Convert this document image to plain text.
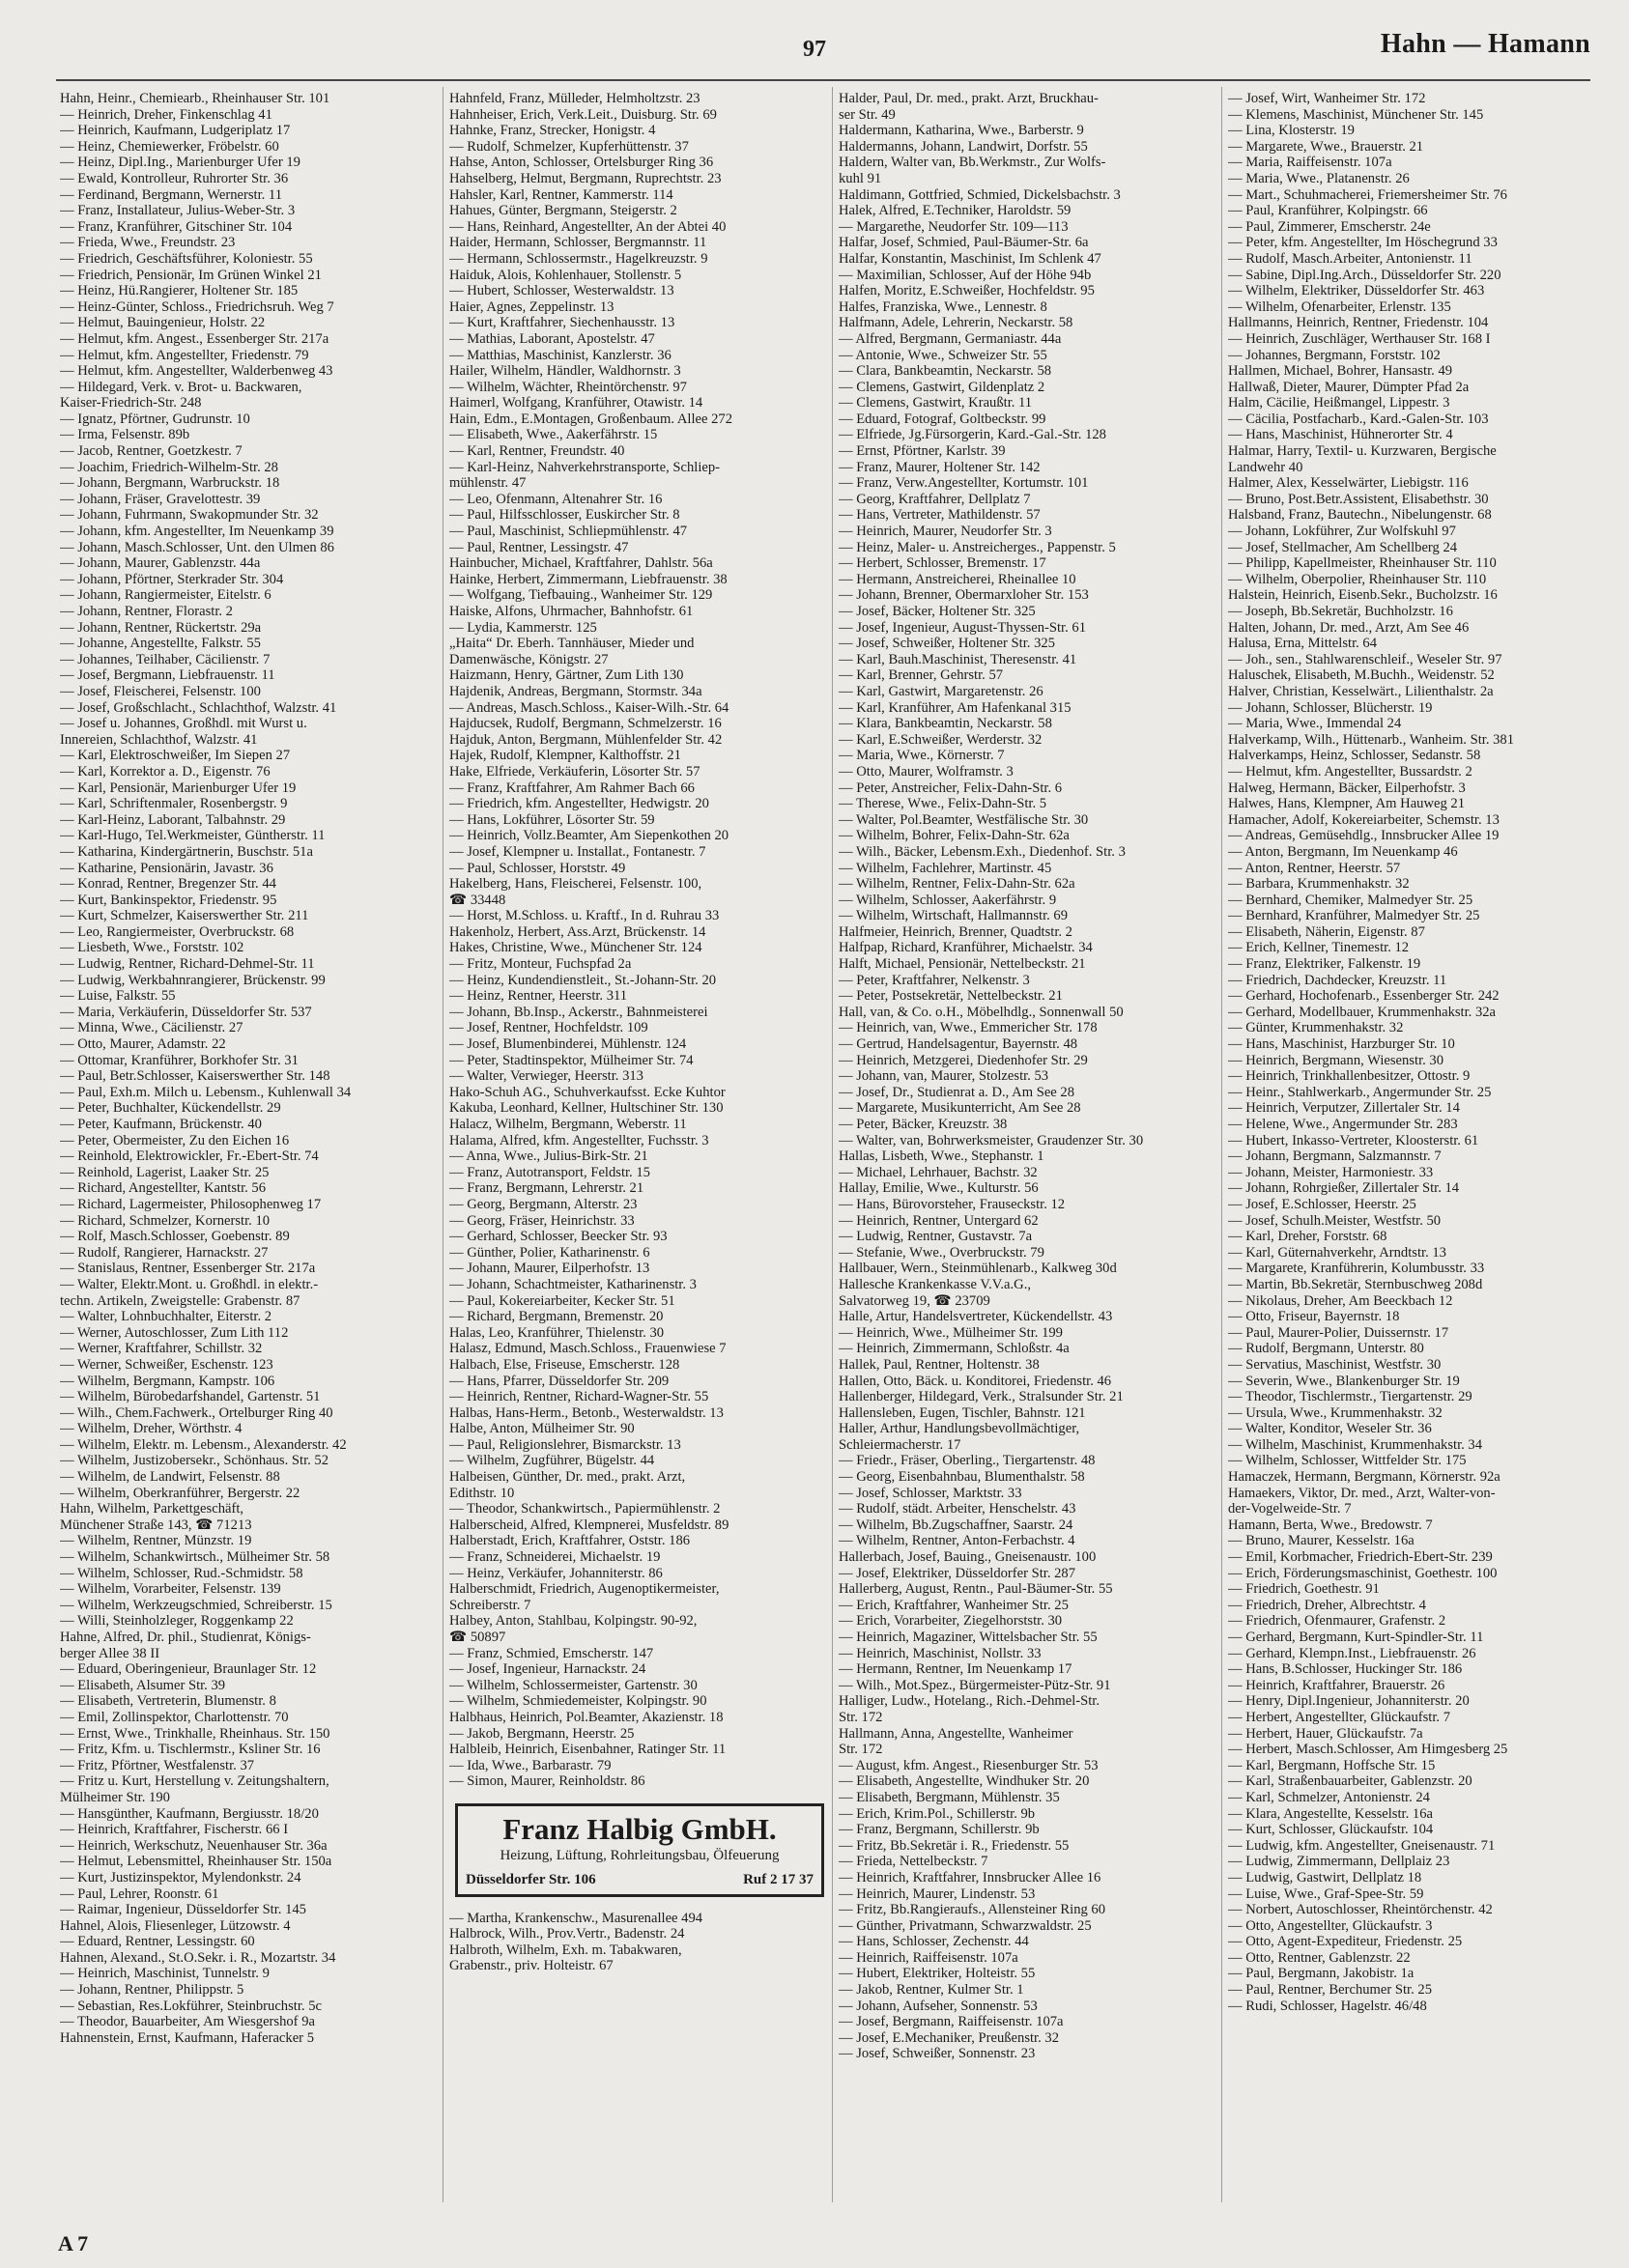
97	Hahn — Hamann
Hahn, Heinr., Chemiearb., Rheinhauser Str. 101
— Heinrich, Dreher, Finkenschlag 41
— Heinrich, Kaufmann, Ludgeriplatz 17
— Heinz, Chemiewerker, Fröbelstr. 60
— Heinz, Dipl.Ing., Marienburger Ufer 19
— Ewald, Kontrolleur, Ruhrorter Str. 36
— Ferdinand, Bergmann, Wernerstr. 11
— Franz, Installateur, Julius-Weber-Str. 3
— Franz, Kranführer, Gitschiner Str. 104
— Frieda, Wwe., Freundstr. 23
— Friedrich, Geschäftsführer, Koloniestr. 55
— Friedrich, Pensionär, Im Grünen Winkel 21
— Heinz, Hü.Rangierer, Holtener Str. 185
— Heinz-Günter, Schloss., Friedrichsruh. Weg 7
— Helmut, Bauingenieur, Holstr. 22
— Helmut, kfm. Angest., Essenberger Str. 217a
— Helmut, kfm. Angestellter, Friedenstr. 79
— Helmut, kfm. Angestellter, Walderbenweg 43
— Hildegard, Verk. v. Brot- u. Backwaren,
Kaiser-Friedrich-Str. 248
— Ignatz, Pförtner, Gudrunstr. 10
— Irma, Felsenstr. 89b
— Jacob, Rentner, Goetzkestr. 7
— Joachim, Friedrich-Wilhelm-Str. 28
— Johann, Bergmann, Warbruckstr. 18
— Johann, Fräser, Gravelottestr. 39
— Johann, Fuhrmann, Swakopmunder Str. 32
— Johann, kfm. Angestellter, Im Neuenkamp 39
— Johann, Masch.Schlosser, Unt. den Ulmen 86
— Johann, Maurer, Gablenzstr. 44a
— Johann, Pförtner, Sterkrader Str. 304
— Johann, Rangiermeister, Eitelstr. 6
— Johann, Rentner, Florastr. 2
— Johann, Rentner, Rückertstr. 29a
— Johanne, Angestellte, Falkstr. 55
— Johannes, Teilhaber, Cäcilienstr. 7
— Josef, Bergmann, Liebfrauenstr. 11
— Josef, Fleischerei, Felsenstr. 100
— Josef, Großschlacht., Schlachthof, Walzstr. 41
— Josef u. Johannes, Großhdl. mit Wurst u.
Innereien, Schlachthof, Walzstr. 41
— Karl, Elektroschweißer, Im Siepen 27
— Karl, Korrektor a. D., Eigenstr. 76
— Karl, Pensionär, Marienburger Ufer 19
— Karl, Schriftenmaler, Rosenbergstr. 9
— Karl-Heinz, Laborant, Talbahnstr. 29
— Karl-Hugo, Tel.Werkmeister, Güntherstr. 11
— Katharina, Kindergärtnerin, Buschstr. 51a
— Katharine, Pensionärin, Javastr. 36
— Konrad, Rentner, Bregenzer Str. 44
— Kurt, Bankinspektor, Friedenstr. 95
— Kurt, Schmelzer, Kaiserswerther Str. 211
— Leo, Rangiermeister, Overbruckstr. 68
— Liesbeth, Wwe., Forststr. 102
— Ludwig, Rentner, Richard-Dehmel-Str. 11
— Ludwig, Werkbahnrangierer, Brückenstr. 99
— Luise, Falkstr. 55
— Maria, Verkäuferin, Düsseldorfer Str. 537
— Minna, Wwe., Cäcilienstr. 27
— Otto, Maurer, Adamstr. 22
— Ottomar, Kranführer, Borkhofer Str. 31
— Paul, Betr.Schlosser, Kaiserswerther Str. 148
— Paul, Exh.m. Milch u. Lebensm., Kuhlenwall 34
— Peter, Buchhalter, Kückendellstr. 29
— Peter, Kaufmann, Brückenstr. 40
— Peter, Obermeister, Zu den Eichen 16
— Reinhold, Elektrowickler, Fr.-Ebert-Str. 74
— Reinhold, Lagerist, Laaker Str. 25
— Richard, Angestellter, Kantstr. 56
— Richard, Lagermeister, Philosophenweg 17
— Richard, Schmelzer, Kornerstr. 10
— Rolf, Masch.Schlosser, Goebenstr. 89
— Rudolf, Rangierer, Harnackstr. 27
— Stanislaus, Rentner, Essenberger Str. 217a
— Walter, Elektr.Mont. u. Großhdl. in elektr.-
techn. Artikeln, Zweigstelle: Grabenstr. 87
— Walter, Lohnbuchhalter, Eiterstr. 2
— Werner, Autoschlosser, Zum Lith 112
— Werner, Kraftfahrer, Schillstr. 32
— Werner, Schweißer, Eschenstr. 123
— Wilhelm, Bergmann, Kampstr. 106
— Wilhelm, Bürobedarfshandel, Gartenstr. 51
— Wilh., Chem.Fachwerk., Ortelburger Ring 40
— Wilhelm, Dreher, Wörthstr. 4
— Wilhelm, Elektr. m. Lebensm., Alexanderstr. 42
— Wilhelm, Justizobersekr., Schönhaus. Str. 52
— Wilhelm, de Landwirt, Felsenstr. 88
— Wilhelm, Oberkranführer, Bergerstr. 22
Hahn, Wilhelm, Parkettgeschäft,
Münchener Straße 143, ☎ 71213
— Wilhelm, Rentner, Münzstr. 19
— Wilhelm, Schankwirtsch., Mülheimer Str. 58
— Wilhelm, Schlosser, Rud.-Schmidstr. 58
— Wilhelm, Vorarbeiter, Felsenstr. 139
— Wilhelm, Werkzeugschmied, Schreiberstr. 15
— Willi, Steinholzleger, Roggenkamp 22
Hahne, Alfred, Dr. phil., Studienrat, Königs-
berger Allee 38 II
— Eduard, Oberingenieur, Braunlager Str. 12
— Elisabeth, Alsumer Str. 39
— Elisabeth, Vertreterin, Blumenstr. 8
— Emil, Zollinspektor, Charlottenstr. 70
— Ernst, Wwe., Trinkhalle, Rheinhaus. Str. 150
— Fritz, Kfm. u. Tischlermstr., Ksliner Str. 16
— Fritz, Pförtner, Westfalenstr. 37
— Fritz u. Kurt, Herstellung v. Zeitungshaltern,
Mülheimer Str. 190
— Hansgünther, Kaufmann, Bergiusstr. 18/20
— Heinrich, Kraftfahrer, Fischerstr. 66 I
— Heinrich, Werkschutz, Neuenhauser Str. 36a
— Helmut, Lebensmittel, Rheinhauser Str. 150a
— Kurt, Justizinspektor, Mylendonkstr. 24
— Paul, Lehrer, Roonstr. 61
— Raimar, Ingenieur, Düsseldorfer Str. 145
Hahnel, Alois, Fliesenleger, Lützowstr. 4
— Eduard, Rentner, Lessingstr. 60
Hahnen, Alexand., St.O.Sekr. i. R., Mozartstr. 34
— Heinrich, Maschinist, Tunnelstr. 9
— Johann, Rentner, Philippstr. 5
— Sebastian, Res.Lokführer, Steinbruchstr. 5c
— Theodor, Bauarbeiter, Am Wiesgershof 9a
Hahnenstein, Ernst, Kaufmann, Haferacker 5
Hahnfeld, Franz, Mülleder, Helmholtzstr. 23
Hahnheiser, Erich, Verk.Leit., Duisburg. Str. 69
Hahnke, Franz, Strecker, Honigstr. 4
— Rudolf, Schmelzer, Kupferhüttenstr. 37
Hahse, Anton, Schlosser, Ortelsburger Ring 36
Hahselberg, Helmut, Bergmann, Ruprechtstr. 23
Hahsler, Karl, Rentner, Kammerstr. 114
Hahues, Günter, Bergmann, Steigerstr. 2
— Hans, Reinhard, Angestellter, An der Abtei 40
Haider, Hermann, Schlosser, Bergmannstr. 11
— Hermann, Schlossermstr., Hagelkreuzstr. 9
Haiduk, Alois, Kohlenhauer, Stollenstr. 5
— Hubert, Schlosser, Westerwaldstr. 13
Haier, Agnes, Zeppelinstr. 13
— Kurt, Kraftfahrer, Siechenhausstr. 13
— Mathias, Laborant, Apostelstr. 47
— Matthias, Maschinist, Kanzlerstr. 36
Hailer, Wilhelm, Händler, Waldhornstr. 3
— Wilhelm, Wächter, Rheintörchenstr. 97
Haimerl, Wolfgang, Kranführer, Otawistr. 14
Hain, Edm., E.Montagen, Großenbaum. Allee 272
— Elisabeth, Wwe., Aakerfährstr. 15
— Karl, Rentner, Freundstr. 40
— Karl-Heinz, Nahverkehrstransporte, Schliep-
mühlenstr. 47
— Leo, Ofenmann, Altenahrer Str. 16
— Paul, Hilfsschlosser, Euskircher Str. 8
— Paul, Maschinist, Schliepmühlenstr. 47
— Paul, Rentner, Lessingstr. 47
Hainbucher, Michael, Kraftfahrer, Dahlstr. 56a
Hainke, Herbert, Zimmermann, Liebfrauenstr. 38
— Wolfgang, Tiefbauing., Wanheimer Str. 129
Haiske, Alfons, Uhrmacher, Bahnhofstr. 61
— Lydia, Kammerstr. 125
„Haita“ Dr. Eberh. Tannhäuser, Mieder und
Damenwäsche, Königstr. 27
Haizmann, Henry, Gärtner, Zum Lith 130
Hajdenik, Andreas, Bergmann, Stormstr. 34a
— Andreas, Masch.Schloss., Kaiser-Wilh.-Str. 64
Hajducsek, Rudolf, Bergmann, Schmelzerstr. 16
Hajduk, Anton, Bergmann, Mühlenfelder Str. 42
Hajek, Rudolf, Klempner, Kalthoffstr. 21
Hake, Elfriede, Verkäuferin, Lösorter Str. 57
— Franz, Kraftfahrer, Am Rahmer Bach 66
— Friedrich, kfm. Angestellter, Hedwigstr. 20
— Hans, Lokführer, Lösorter Str. 59
— Heinrich, Vollz.Beamter, Am Siepenkothen 20
— Josef, Klempner u. Installat., Fontanestr. 7
— Paul, Schlosser, Horststr. 49
Hakelberg, Hans, Fleischerei, Felsenstr. 100,
☎ 33448
— Horst, M.Schloss. u. Kraftf., In d. Ruhrau 33
Hakenholz, Herbert, Ass.Arzt, Brückenstr. 14
Hakes, Christine, Wwe., Münchener Str. 124
— Fritz, Monteur, Fuchspfad 2a
— Heinz, Kundendienstleit., St.-Johann-Str. 20
— Heinz, Rentner, Heerstr. 311
— Johann, Bb.Insp., Ackerstr., Bahnmeisterei
— Josef, Rentner, Hochfeldstr. 109
— Josef, Blumenbinderei, Mühlenstr. 124
— Peter, Stadtinspektor, Mülheimer Str. 74
— Walter, Verwieger, Heerstr. 313
Hako-Schuh AG., Schuhverkaufsst. Ecke Kuhtor
Kakuba, Leonhard, Kellner, Hultschiner Str. 130
Halacz, Wilhelm, Bergmann, Weberstr. 11
Halama, Alfred, kfm. Angestellter, Fuchsstr. 3
— Anna, Wwe., Julius-Birk-Str. 21
— Franz, Autotransport, Feldstr. 15
— Franz, Bergmann, Lehrerstr. 21
— Georg, Bergmann, Alterstr. 23
— Georg, Fräser, Heinrichstr. 33
— Gerhard, Schlosser, Beecker Str. 93
— Günther, Polier, Katharinenstr. 6
— Johann, Maurer, Eilperhofstr. 13
— Johann, Schachtmeister, Katharinenstr. 3
— Paul, Kokereiarbeiter, Kecker Str. 51
— Richard, Bergmann, Bremenstr. 20
Halas, Leo, Kranführer, Thielenstr. 30
Halasz, Edmund, Masch.Schloss., Frauenwiese 7
Halbach, Else, Friseuse, Emscherstr. 128
— Hans, Pfarrer, Düsseldorfer Str. 209
— Heinrich, Rentner, Richard-Wagner-Str. 55
Halbas, Hans-Herm., Betonb., Westerwaldstr. 13
Halbe, Anton, Mülheimer Str. 90
— Paul, Religionslehrer, Bismarckstr. 13
— Wilhelm, Zugführer, Bügelstr. 44
Halbeisen, Günther, Dr. med., prakt. Arzt,
Edithstr. 10
— Theodor, Schankwirtsch., Papiermühlenstr. 2
Halberscheid, Alfred, Klempnerei, Musfeldstr. 89
Halberstadt, Erich, Kraftfahrer, Oststr. 186
— Franz, Schneiderei, Michaelstr. 19
— Heinz, Verkäufer, Johanniterstr. 86
Halberschmidt, Friedrich, Augenoptikermeister,
Schreiberstr. 7
Halbey, Anton, Stahlbau, Kolpingstr. 90-92,
☎ 50897
— Franz, Schmied, Emscherstr. 147
— Josef, Ingenieur, Harnackstr. 24
— Wilhelm, Schlossermeister, Gartenstr. 30
— Wilhelm, Schmiedemeister, Kolpingstr. 90
Halbhaus, Heinrich, Pol.Beamter, Akazienstr. 18
— Jakob, Bergmann, Heerstr. 25
Halbleib, Heinrich, Eisenbahner, Ratinger Str. 11
— Ida, Wwe., Barbarastr. 79
— Simon, Maurer, Reinholdstr. 86
Franz Halbig GmbH.
Heizung, Lüftung, Rohrleitungsbau, Ölfeuerung
Düsseldorfer Str. 106	Ruf 2 17 37
— Martha, Krankenschw., Masurenallee 494
Halbrock, Wilh., Prov.Vertr., Badenstr. 24
Halbroth, Wilhelm, Exh. m. Tabakwaren,
Grabenstr., priv. Holteistr. 67
Halder, Paul, Dr. med., prakt. Arzt, Bruckhau-
ser Str. 49
Haldermann, Katharina, Wwe., Barberstr. 9
Haldermanns, Johann, Landwirt, Dorfstr. 55
Haldern, Walter van, Bb.Werkmstr., Zur Wolfs-
kuhl 91
Haldimann, Gottfried, Schmied, Dickelsbachstr. 3
Halek, Alfred, E.Techniker, Haroldstr. 59
— Margarethe, Neudorfer Str. 109—113
Halfar, Josef, Schmied, Paul-Bäumer-Str. 6a
Halfar, Konstantin, Maschinist, Im Schlenk 47
— Maximilian, Schlosser, Auf der Höhe 94b
Halfen, Moritz, E.Schweißer, Hochfeldstr. 95
Halfes, Franziska, Wwe., Lennestr. 8
Halfmann, Adele, Lehrerin, Neckarstr. 58
— Alfred, Bergmann, Germaniastr. 44a
— Antonie, Wwe., Schweizer Str. 55
— Clara, Bankbeamtin, Neckarstr. 58
— Clemens, Gastwirt, Gildenplatz 2
— Clemens, Gastwirt, Kraußtr. 11
— Eduard, Fotograf, Goltbeckstr. 99
— Elfriede, Jg.Fürsorgerin, Kard.-Gal.-Str. 128
— Ernst, Pförtner, Karlstr. 39
— Franz, Maurer, Holtener Str. 142
— Franz, Verw.Angestellter, Kortumstr. 101
— Georg, Kraftfahrer, Dellplatz 7
— Hans, Vertreter, Mathildenstr. 57
— Heinrich, Maurer, Neudorfer Str. 3
— Heinz, Maler- u. Anstreicherges., Pappenstr. 5
— Herbert, Schlosser, Bremenstr. 17
— Hermann, Anstreicherei, Rheinallee 10
— Johann, Brenner, Obermarxloher Str. 153
— Josef, Bäcker, Holtener Str. 325
— Josef, Ingenieur, August-Thyssen-Str. 61
— Josef, Schweißer, Holtener Str. 325
— Karl, Bauh.Maschinist, Theresenstr. 41
— Karl, Brenner, Gehrstr. 57
— Karl, Gastwirt, Margaretenstr. 26
— Karl, Kranführer, Am Hafenkanal 315
— Klara, Bankbeamtin, Neckarstr. 58
— Karl, E.Schweißer, Werderstr. 32
— Maria, Wwe., Körnerstr. 7
— Otto, Maurer, Wolframstr. 3
— Peter, Anstreicher, Felix-Dahn-Str. 6
— Therese, Wwe., Felix-Dahn-Str. 5
— Walter, Pol.Beamter, Westfälische Str. 30
— Wilhelm, Bohrer, Felix-Dahn-Str. 62a
— Wilh., Bäcker, Lebensm.Exh., Diedenhof. Str. 3
— Wilhelm, Fachlehrer, Martinstr. 45
— Wilhelm, Rentner, Felix-Dahn-Str. 62a
— Wilhelm, Schlosser, Aakerfährstr. 9
— Wilhelm, Wirtschaft, Hallmannstr. 69
Halfmeier, Heinrich, Brenner, Quadtstr. 2
Halfpap, Richard, Kranführer, Michaelstr. 34
Halft, Michael, Pensionär, Nettelbeckstr. 21
— Peter, Kraftfahrer, Nelkenstr. 3
— Peter, Postsekretär, Nettelbeckstr. 21
Hall, van, & Co. o.H., Möbelhdlg., Sonnenwall 50
— Heinrich, van, Wwe., Emmericher Str. 178
— Gertrud, Handelsagentur, Bayernstr. 48
— Heinrich, Metzgerei, Diedenhofer Str. 29
— Johann, van, Maurer, Stolzestr. 53
— Josef, Dr., Studienrat a. D., Am See 28
— Margarete, Musikunterricht, Am See 28
— Peter, Bäcker, Kreuzstr. 38
— Walter, van, Bohrwerksmeister, Graudenzer Str. 30
Hallas, Lisbeth, Wwe., Stephanstr. 1
— Michael, Lehrhauer, Bachstr. 32
Hallay, Emilie, Wwe., Kulturstr. 56
— Hans, Bürovorsteher, Frauseckstr. 12
— Heinrich, Rentner, Untergard 62
— Ludwig, Rentner, Gustavstr. 7a
— Stefanie, Wwe., Overbruckstr. 79
Hallbauer, Wern., Steinmühlenarb., Kalkweg 30d
Hallesche Krankenkasse V.V.a.G.,
Salvatorweg 19, ☎ 23709
Halle, Artur, Handelsvertreter, Kückendellstr. 43
— Heinrich, Wwe., Mülheimer Str. 199
— Heinrich, Zimmermann, Schloßstr. 4a
Hallek, Paul, Rentner, Holtenstr. 38
Hallen, Otto, Bäck. u. Konditorei, Friedenstr. 46
Hallenberger, Hildegard, Verk., Stralsunder Str. 21
Hallensleben, Eugen, Tischler, Bahnstr. 121
Haller, Arthur, Handlungsbevollmächtiger,
Schleiermacherstr. 17
— Friedr., Fräser, Oberling., Tiergartenstr. 48
— Georg, Eisenbahnbau, Blumenthalstr. 58
— Josef, Schlosser, Marktstr. 33
— Rudolf, städt. Arbeiter, Henschelstr. 43
— Wilhelm, Bb.Zugschaffner, Saarstr. 24
— Wilhelm, Rentner, Anton-Ferbachstr. 4
Hallerbach, Josef, Bauing., Gneisenaustr. 100
— Josef, Elektriker, Düsseldorfer Str. 287
Hallerberg, August, Rentn., Paul-Bäumer-Str. 55
— Erich, Kraftfahrer, Wanheimer Str. 25
— Erich, Vorarbeiter, Ziegelhorststr. 30
— Heinrich, Magaziner, Wittelsbacher Str. 55
— Heinrich, Maschinist, Nollstr. 33
— Hermann, Rentner, Im Neuenkamp 17
— Wilh., Mot.Spez., Bürgermeister-Pütz-Str. 91
Halliger, Ludw., Hotelang., Rich.-Dehmel-Str.
Str. 172
Hallmann, Anna, Angestellte, Wanheimer
Str. 172
— August, kfm. Angest., Riesenburger Str. 53
— Elisabeth, Angestellte, Windhuker Str. 20
— Elisabeth, Bergmann, Mühlenstr. 35
— Erich, Krim.Pol., Schillerstr. 9b
— Franz, Bergmann, Schillerstr. 9b
— Fritz, Bb.Sekretär i. R., Friedenstr. 55
— Frieda, Nettelbeckstr. 7
— Heinrich, Kraftfahrer, Innsbrucker Allee 16
— Heinrich, Maurer, Lindenstr. 53
— Fritz, Bb.Rangieraufs., Allensteiner Ring 60
— Günther, Privatmann, Schwarzwaldstr. 25
— Hans, Schlosser, Zechenstr. 44
— Heinrich, Raiffeisenstr. 107a
— Hubert, Elektriker, Holteistr. 55
— Jakob, Rentner, Kulmer Str. 1
— Johann, Aufseher, Sonnenstr. 53
— Josef, Bergmann, Raiffeisenstr. 107a
— Josef, E.Mechaniker, Preußenstr. 32
— Josef, Schweißer, Sonnenstr. 23
— Josef, Wirt, Wanheimer Str. 172
— Klemens, Maschinist, Münchener Str. 145
— Lina, Klosterstr. 19
— Margarete, Wwe., Brauerstr. 21
— Maria, Raiffeisenstr. 107a
— Maria, Wwe., Platanenstr. 26
— Mart., Schuhmacherei, Friemersheimer Str. 76
— Paul, Kranführer, Kolpingstr. 66
— Paul, Zimmerer, Emscherstr. 24e
— Peter, kfm. Angestellter, Im Höschegrund 33
— Rudolf, Masch.Arbeiter, Antonienstr. 11
— Sabine, Dipl.Ing.Arch., Düsseldorfer Str. 220
— Wilhelm, Elektriker, Düsseldorfer Str. 463
— Wilhelm, Ofenarbeiter, Erlenstr. 135
Hallmanns, Heinrich, Rentner, Friedenstr. 104
— Heinrich, Zuschläger, Werthauser Str. 168 I
— Johannes, Bergmann, Forststr. 102
Hallmen, Michael, Bohrer, Hansastr. 49
Hallwaß, Dieter, Maurer, Dümpter Pfad 2a
Halm, Cäcilie, Heißmangel, Lippestr. 3
— Cäcilia, Postfacharb., Kard.-Galen-Str. 103
— Hans, Maschinist, Hühnerorter Str. 4
Halmar, Harry, Textil- u. Kurzwaren, Bergische
Landwehr 40
Halmer, Alex, Kesselwärter, Liebigstr. 116
— Bruno, Post.Betr.Assistent, Elisabethstr. 30
Halsband, Franz, Bautechn., Nibelungenstr. 68
— Johann, Lokführer, Zur Wolfskuhl 97
— Josef, Stellmacher, Am Schellberg 24
— Philipp, Kapellmeister, Rheinhauser Str. 110
— Wilhelm, Oberpolier, Rheinhauser Str. 110
Halstein, Heinrich, Eisenb.Sekr., Bucholzstr. 16
— Joseph, Bb.Sekretär, Buchholzstr. 16
Halten, Johann, Dr. med., Arzt, Am See 46
Halusa, Erna, Mittelstr. 64
— Joh., sen., Stahlwarenschleif., Weseler Str. 97
Haluschek, Elisabeth, M.Buchh., Weidenstr. 52
Halver, Christian, Kesselwärt., Lilienthalstr. 2a
— Johann, Schlosser, Blücherstr. 19
— Maria, Wwe., Immendal 24
Halverkamp, Wilh., Hüttenarb., Wanheim. Str. 381
Halverkamps, Heinz, Schlosser, Sedanstr. 58
— Helmut, kfm. Angestellter, Bussardstr. 2
Halweg, Hermann, Bäcker, Eilperhofstr. 3
Halwes, Hans, Klempner, Am Hauweg 21
Hamacher, Adolf, Kokereiarbeiter, Schemstr. 13
— Andreas, Gemüsehdlg., Innsbrucker Allee 19
— Anton, Bergmann, Im Neuenkamp 46
— Anton, Rentner, Heerstr. 57
— Barbara, Krummenhakstr. 32
— Bernhard, Chemiker, Malmedyer Str. 25
— Bernhard, Kranführer, Malmedyer Str. 25
— Elisabeth, Näherin, Eigenstr. 87
— Erich, Kellner, Tinemestr. 12
— Franz, Elektriker, Falkenstr. 19
— Friedrich, Dachdecker, Kreuzstr. 11
— Gerhard, Hochofenarb., Essenberger Str. 242
— Gerhard, Modellbauer, Krummenhakstr. 32a
— Günter, Krummenhakstr. 32
— Hans, Maschinist, Harzburger Str. 10
— Heinrich, Bergmann, Wiesenstr. 30
— Heinrich, Trinkhallenbesitzer, Ottostr. 9
— Heinr., Stahlwerkarb., Angermunder Str. 25
— Heinrich, Verputzer, Zillertaler Str. 14
— Helene, Wwe., Angermunder Str. 283
— Hubert, Inkasso-Vertreter, Kloosterstr. 61
— Johann, Bergmann, Salzmannstr. 7
— Johann, Meister, Harmoniestr. 33
— Johann, Rohrgießer, Zillertaler Str. 14
— Josef, E.Schlosser, Heerstr. 25
— Josef, Schulh.Meister, Westfstr. 50
— Karl, Dreher, Forststr. 68
— Karl, Güternahverkehr, Arndtstr. 13
— Margarete, Kranführerin, Kolumbusstr. 33
— Martin, Bb.Sekretär, Sternbuschweg 208d
— Nikolaus, Dreher, Am Beeckbach 12
— Otto, Friseur, Bayernstr. 18
— Paul, Maurer-Polier, Duissernstr. 17
— Rudolf, Bergmann, Unterstr. 80
— Servatius, Maschinist, Westfstr. 30
— Severin, Wwe., Blankenburger Str. 19
— Theodor, Tischlermstr., Tiergartenstr. 29
— Ursula, Wwe., Krummenhakstr. 32
— Walter, Konditor, Weseler Str. 36
— Wilhelm, Maschinist, Krummenhakstr. 34
— Wilhelm, Schlosser, Wittfelder Str. 175
Hamaczek, Hermann, Bergmann, Körnerstr. 92a
Hamaekers, Viktor, Dr. med., Arzt, Walter-von-
der-Vogelweide-Str. 7
Hamann, Berta, Wwe., Bredowstr. 7
— Bruno, Maurer, Kesselstr. 16a
— Emil, Korbmacher, Friedrich-Ebert-Str. 239
— Erich, Förderungsmaschinist, Goethestr. 100
— Friedrich, Goethestr. 91
— Friedrich, Dreher, Albrechtstr. 4
— Friedrich, Ofenmaurer, Grafenstr. 2
— Gerhard, Bergmann, Kurt-Spindler-Str. 11
— Gerhard, Klempn.Inst., Liebfrauenstr. 26
— Hans, B.Schlosser, Huckinger Str. 186
— Heinrich, Kraftfahrer, Brauerstr. 26
— Henry, Dipl.Ingenieur, Johanniterstr. 20
— Herbert, Angestellter, Glückaufstr. 7
— Herbert, Hauer, Glückaufstr. 7a
— Herbert, Masch.Schlosser, Am Himgesberg 25
— Karl, Bergmann, Hoffsche Str. 15
— Karl, Straßenbauarbeiter, Gablenzstr. 20
— Karl, Schmelzer, Antonienstr. 24
— Klara, Angestellte, Kesselstr. 16a
— Kurt, Schlosser, Glückaufstr. 104
— Ludwig, kfm. Angestellter, Gneisenaustr. 71
— Ludwig, Zimmermann, Dellplaiz 23
— Ludwig, Gastwirt, Dellplatz 18
— Luise, Wwe., Graf-Spee-Str. 59
— Norbert, Autoschlosser, Rheintörchenstr. 42
— Otto, Angestellter, Glückaufstr. 3
— Otto, Agent-Expediteur, Friedenstr. 25
— Otto, Rentner, Gablenzstr. 22
— Paul, Bergmann, Jakobistr. 1a
— Paul, Rentner, Berchumer Str. 25
— Rudi, Schlosser, Hagelstr. 46/48
A 7
